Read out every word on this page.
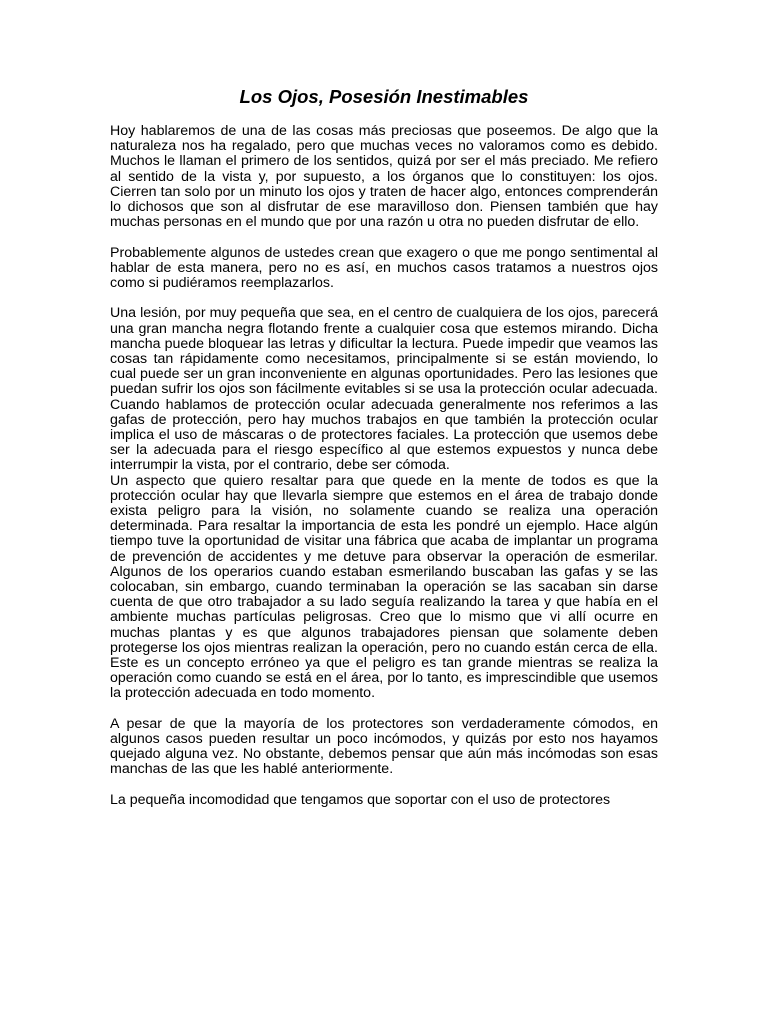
Los Ojos, Posesión Inestimables

Hoy hablaremos de una de las cosas más preciosas que poseemos. De algo que la naturaleza nos ha regalado, pero que muchas veces no valoramos como es debido. Muchos le llaman el primero de los sentidos, quizá por ser el más preciado. Me refiero al sentido de la vista y, por supuesto, a los órganos que lo constituyen: los ojos. Cierren tan solo por un minuto los ojos y traten de hacer algo, entonces comprenderán lo dichosos que son al disfrutar de ese maravilloso don. Piensen también que hay muchas personas en el mundo que por una razón u otra no pueden disfrutar de ello.

Probablemente algunos de ustedes crean que exagero o que me pongo sentimental al hablar de esta manera, pero no es así, en muchos casos tratamos a nuestros ojos como si pudiéramos reemplazarlos.

Una lesión, por muy pequeña que sea, en el centro de cualquiera de los ojos, parecerá una gran mancha negra flotando frente a cualquier cosa que estemos mirando. Dicha mancha puede bloquear las letras y dificultar la lectura. Puede impedir que veamos las cosas tan rápidamente como necesitamos, principalmente si se están moviendo, lo cual puede ser un gran inconveniente en algunas oportunidades. Pero las lesiones que puedan sufrir los ojos son fácilmente evitables si se usa la protección ocular adecuada. Cuando hablamos de protección ocular adecuada generalmente nos referimos a las gafas de protección, pero hay muchos trabajos en que también la protección ocular implica el uso de máscaras o de protectores faciales. La protección que usemos debe ser la adecuada para el riesgo específico al que estemos expuestos y nunca debe interrumpir la vista, por el contrario, debe ser cómoda.

Un aspecto que quiero resaltar para que quede en la mente de todos es que la protección ocular hay que llevarla siempre que estemos en el área de trabajo donde exista peligro para la visión, no solamente cuando se realiza una operación determinada. Para resaltar la importancia de esta les pondré un ejemplo. Hace algún tiempo tuve la oportunidad de visitar una fábrica que acaba de implantar un programa de prevención de accidentes y me detuve para observar la operación de esmerilar. Algunos de los operarios cuando estaban esmerilando buscaban las gafas y se las colocaban, sin embargo, cuando terminaban la operación se las sacaban sin darse cuenta de que otro trabajador a su lado seguía realizando la tarea y que había en el ambiente muchas partículas peligrosas. Creo que lo mismo que vi allí ocurre en muchas plantas y es que algunos trabajadores piensan que solamente deben protegerse los ojos mientras realizan la operación, pero no cuando están cerca de ella. Este es un concepto erróneo ya que el peligro es tan grande mientras se realiza la operación como cuando se está en el área, por lo tanto, es imprescindible que usemos la protección adecuada en todo momento.

A pesar de que la mayoría de los protectores son verdaderamente cómodos, en algunos casos pueden resultar un poco incómodos, y quizás por esto nos hayamos quejado alguna vez. No obstante, debemos pensar que aún más incómodas son esas manchas de las que les hablé anteriormente.

La pequeña incomodidad que tengamos que soportar con el uso de protectores
